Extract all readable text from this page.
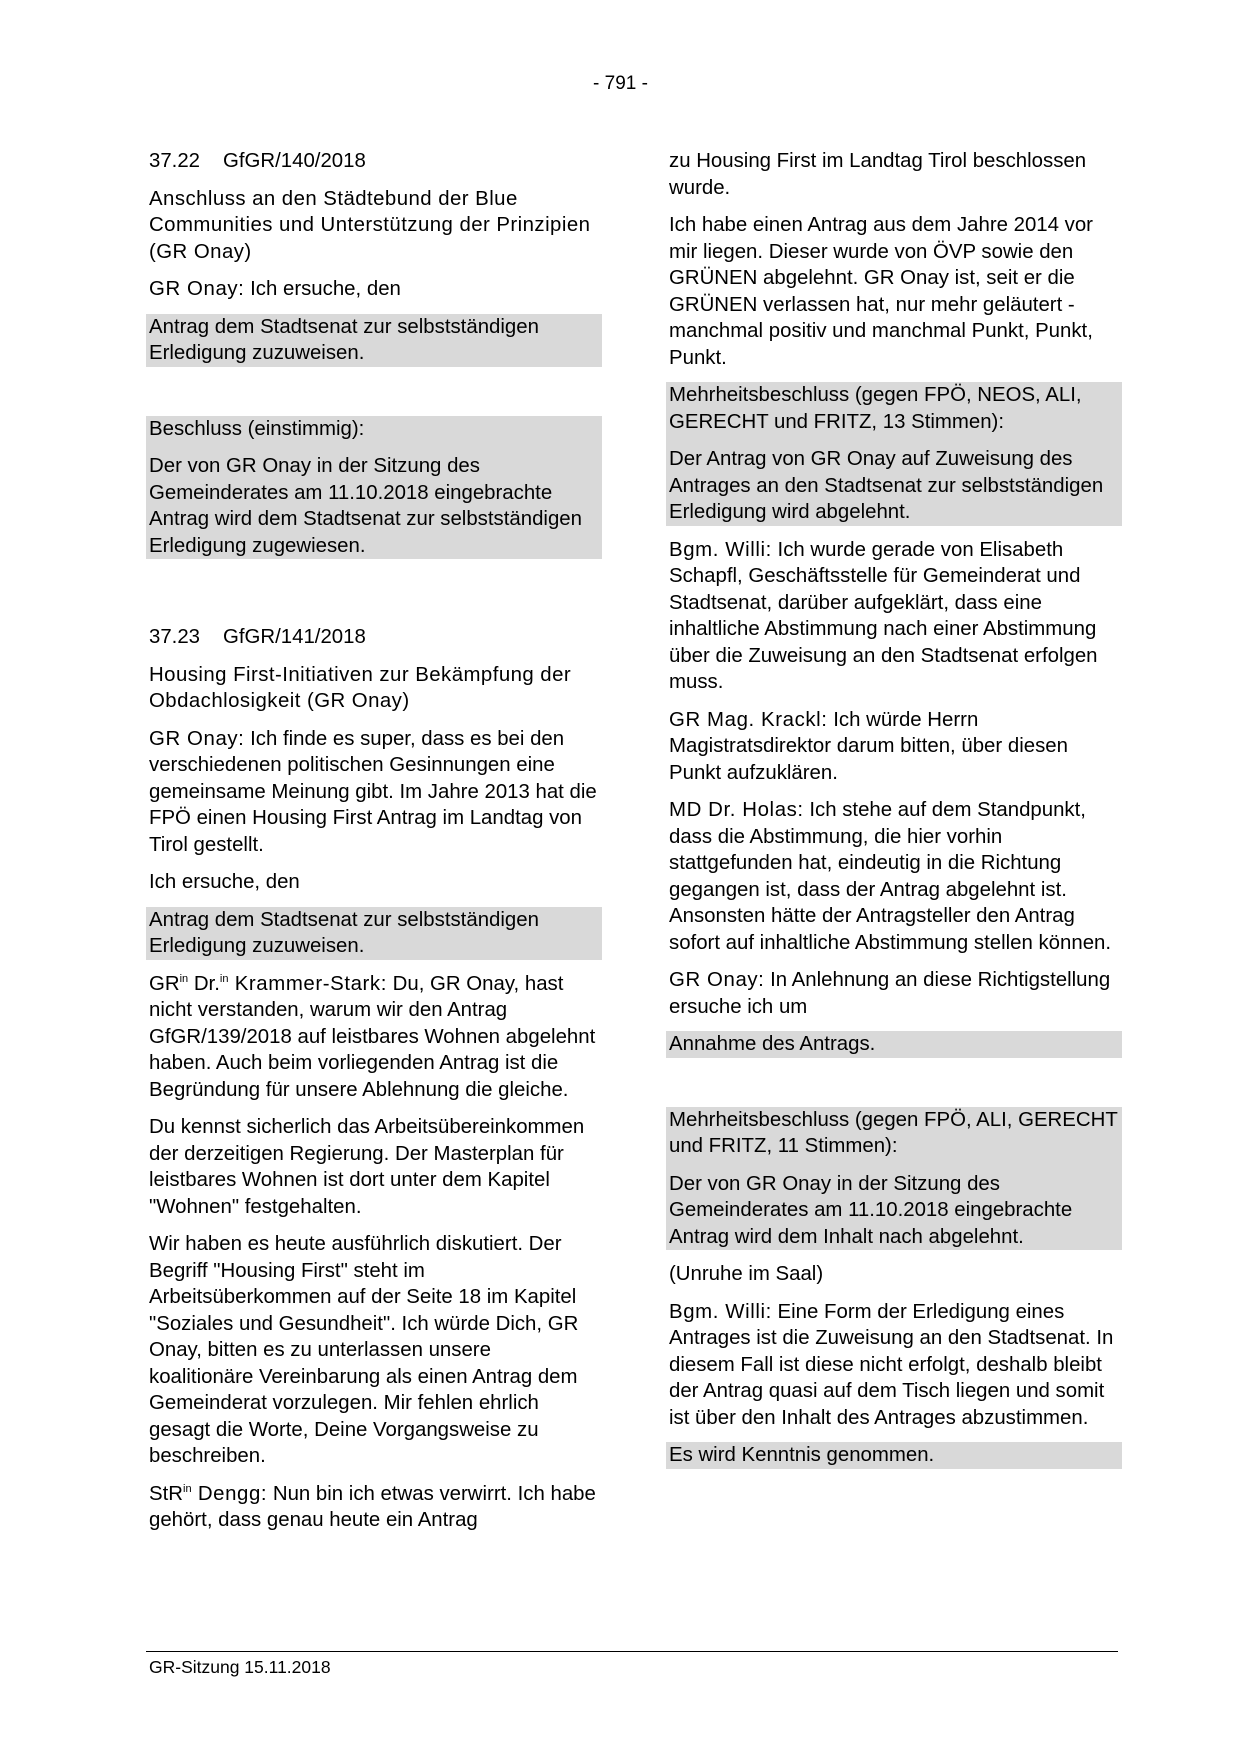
- 791 -
37.22	GfGR/140/2018

Anschluss an den Städtebund der Blue Communities und Unterstützung der Prinzipien (GR Onay)

GR Onay: Ich ersuche, den

Antrag dem Stadtsenat zur selbstständigen Erledigung zuzuweisen.

Beschluss (einstimmig):

Der von GR Onay in der Sitzung des Gemeinderates am 11.10.2018 eingebrachte Antrag wird dem Stadtsenat zur selbstständigen Erledigung zugewiesen.

37.23	GfGR/141/2018

Housing First-Initiativen zur Bekämpfung der Obdachlosigkeit (GR Onay)

GR Onay: Ich finde es super, dass es bei den verschiedenen politischen Gesinnungen eine gemeinsame Meinung gibt. Im Jahre 2013 hat die FPÖ einen Housing First Antrag im Landtag von Tirol gestellt.

Ich ersuche, den

Antrag dem Stadtsenat zur selbstständigen Erledigung zuzuweisen.

$GR^{in}$ Dr.$^{in}$ Krammer-Stark: Du, GR Onay, hast nicht verstanden, warum wir den Antrag GfGR/139/2018 auf leistbares Wohnen abgelehnt haben. Auch beim vorliegenden Antrag ist die Begründung für unsere Ablehnung die gleiche.

Du kennst sicherlich das Arbeitsübereinkommen der derzeitigen Regierung. Der Masterplan für leistbares Wohnen ist dort unter dem Kapitel "Wohnen" festgehalten.

Wir haben es heute ausführlich diskutiert. Der Begriff "Housing First" steht im Arbeitsüberkommen auf der Seite 18 im Kapitel "Soziales und Gesundheit". Ich würde Dich, GR Onay, bitten es zu unterlassen unsere koalitionäre Vereinbarung als einen Antrag dem Gemeinderat vorzulegen. Mir fehlen ehrlich gesagt die Worte, Deine Vorgangsweise zu beschreiben.

StR$^{in}$ Dengg: Nun bin ich etwas verwirrt. Ich habe gehört, dass genau heute ein Antrag

zu Housing First im Landtag Tirol beschlossen wurde.

Ich habe einen Antrag aus dem Jahre 2014 vor mir liegen. Dieser wurde von ÖVP sowie den GRÜNEN abgelehnt. GR Onay ist, seit er die GRÜNEN verlassen hat, nur mehr geläutert - manchmal positiv und manchmal Punkt, Punkt, Punkt.

Mehrheitsbeschluss (gegen FPÖ, NEOS, ALI, GERECHT und FRITZ, 13 Stimmen):

Der Antrag von GR Onay auf Zuweisung des Antrages an den Stadtsenat zur selbstständigen Erledigung wird abgelehnt.

Bgm. Willi: Ich wurde gerade von Elisabeth Schapfl, Geschäftsstelle für Gemeinderat und Stadtsenat, darüber aufgeklärt, dass eine inhaltliche Abstimmung nach einer Abstimmung über die Zuweisung an den Stadtsenat erfolgen muss.

GR Mag. Krackl: Ich würde Herrn Magistratsdirektor darum bitten, über diesen Punkt aufzuklären.

MD Dr. Holas: Ich stehe auf dem Standpunkt, dass die Abstimmung, die hier vorhin stattgefunden hat, eindeutig in die Richtung gegangen ist, dass der Antrag abgelehnt ist. Ansonsten hätte der Antragsteller den Antrag sofort auf inhaltliche Abstimmung stellen können.

GR Onay: In Anlehnung an diese Richtigstellung ersuche ich um

Annahme des Antrags.

Mehrheitsbeschluss (gegen FPÖ, ALI, GERECHT und FRITZ, 11 Stimmen):

Der von GR Onay in der Sitzung des Gemeinderates am 11.10.2018 eingebrachte Antrag wird dem Inhalt nach abgelehnt.

(Unruhe im Saal)

Bgm. Willi: Eine Form der Erledigung eines Antrages ist die Zuweisung an den Stadtsenat. In diesem Fall ist diese nicht erfolgt, deshalb bleibt der Antrag quasi auf dem Tisch liegen und somit ist über den Inhalt des Antrages abzustimmen.

Es wird Kenntnis genommen.

GR-Sitzung 15.11.2018
